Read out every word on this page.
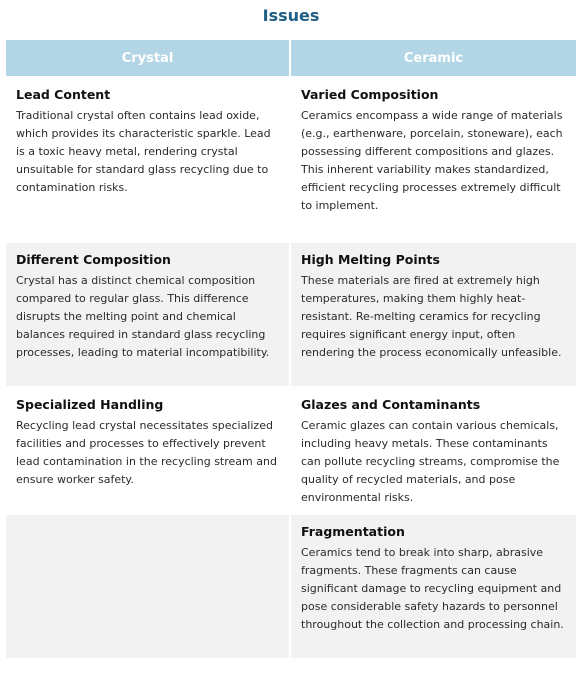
Issues
Crystal	Ceramic
Lead Content

Traditional crystal often contains lead oxide, which provides its characteristic sparkle. Lead is a toxic heavy metal, rendering crystal unsuitable for standard glass recycling due to contamination risks.

Varied Composition

Ceramics encompass a wide range of materials (e.g., earthenware, porcelain, stoneware), each possessing different compositions and glazes. This inherent variability makes standardized, efficient recycling processes extremely difficult to implement.

Different Composition

Crystal has a distinct chemical composition compared to regular glass. This difference disrupts the melting point and chemical balances required in standard glass recycling processes, leading to material incompatibility.

High Melting Points

These materials are fired at extremely high temperatures, making them highly heat-resistant. Re-melting ceramics for recycling requires significant energy input, often rendering the process economically unfeasible.

Specialized Handling

Recycling lead crystal necessitates specialized facilities and processes to effectively prevent lead contamination in the recycling stream and ensure worker safety.

Glazes and Contaminants

Ceramic glazes can contain various chemicals, including heavy metals. These contaminants can pollute recycling streams, compromise the quality of recycled materials, and pose environmental risks.

Fragmentation

Ceramics tend to break into sharp, abrasive fragments. These fragments can cause significant damage to recycling equipment and pose considerable safety hazards to personnel throughout the collection and processing chain.
